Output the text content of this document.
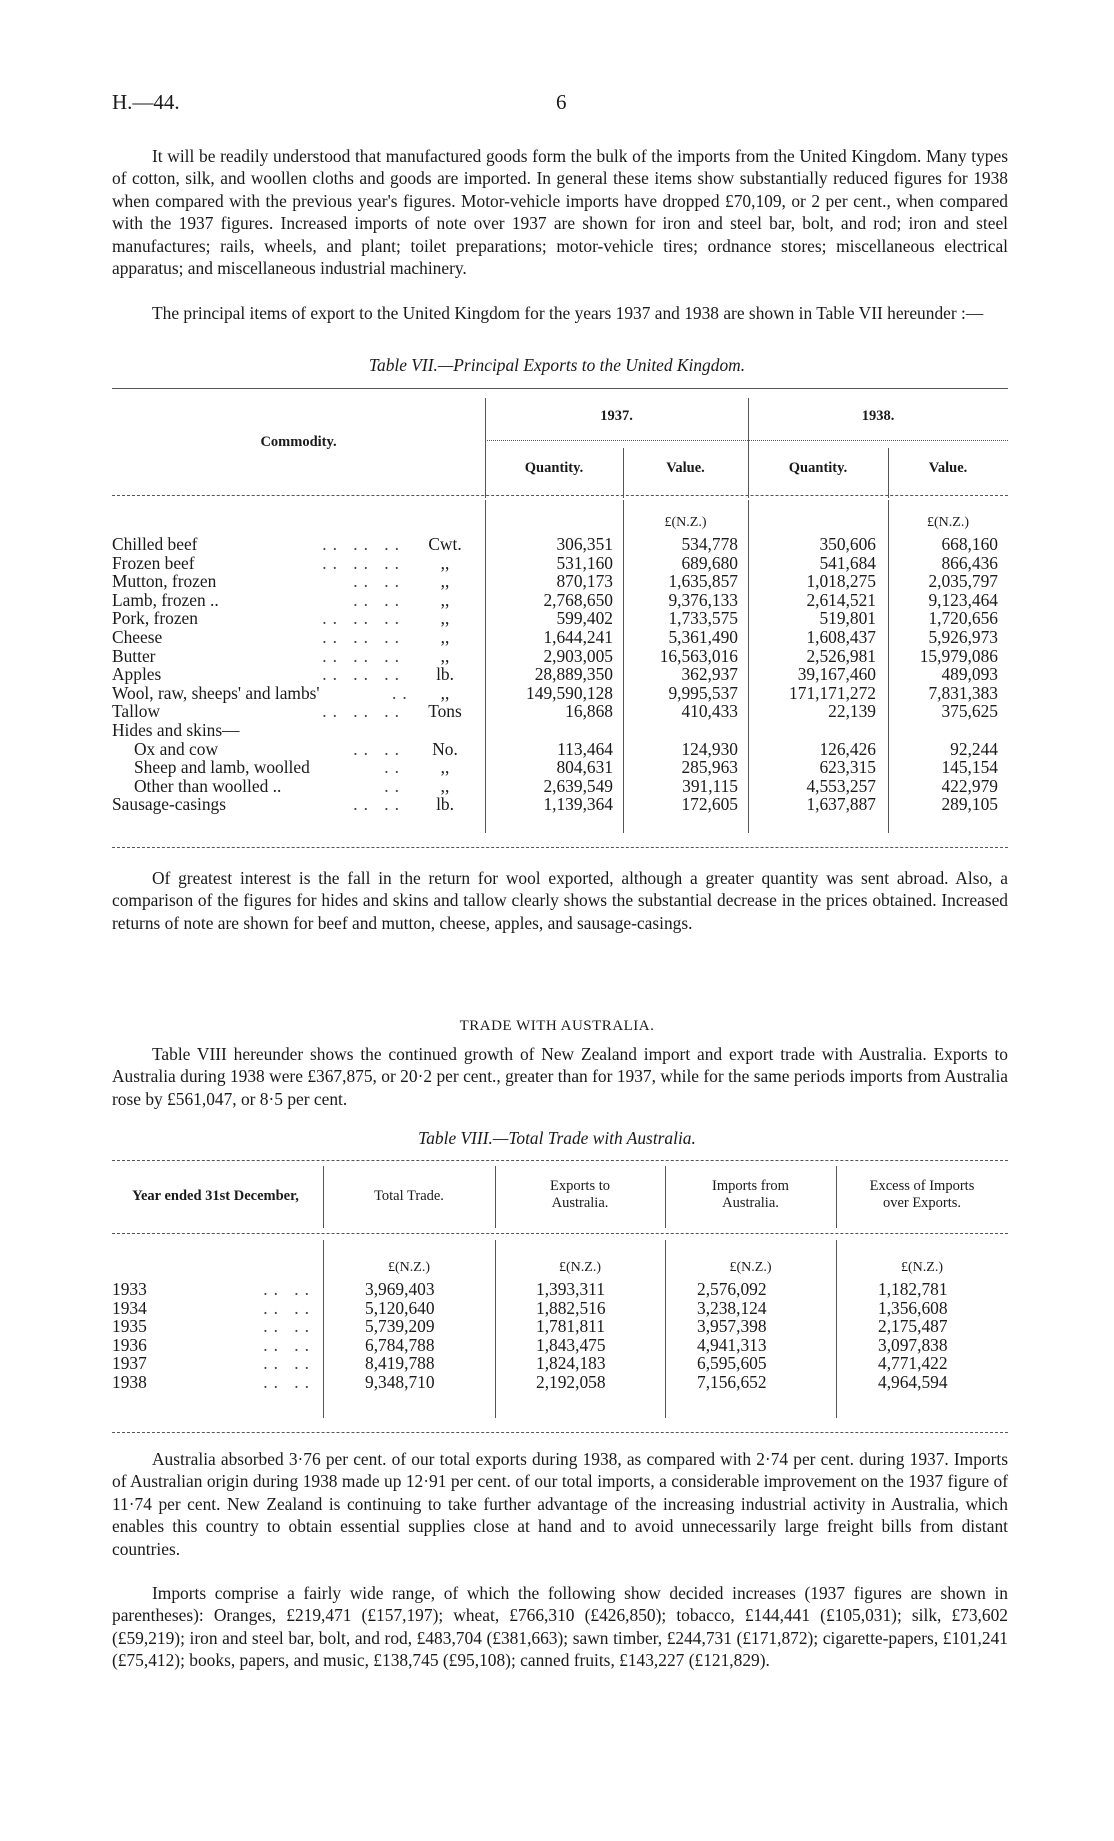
H.—44.	6

It will be readily understood that manufactured goods form the bulk of the imports from the United Kingdom. Many types of cotton, silk, and woollen cloths and goods are imported. In general these items show substantially reduced figures for 1938 when compared with the previous year's figures. Motor-vehicle imports have dropped £70,109, or 2 per cent., when compared with the 1937 figures. Increased imports of note over 1937 are shown for iron and steel bar, bolt, and rod; iron and steel manufactures; rails, wheels, and plant; toilet preparations; motor-vehicle tires; ordnance stores; miscellaneous electrical apparatus; and miscellaneous industrial machinery.

The principal items of export to the United Kingdom for the years 1937 and 1938 are shown in Table VII hereunder :—

Table VII.—Principal Exports to the United Kingdom.
Commodity.
1937.	1938.
Quantity.	Value.	Quantity.	Value.
£(N.Z.)	£(N.Z.)
Chilled beef	.. .. ..	Cwt.	306,351	534,778	350,606	668,160
Frozen beef	.. .. ..	,,	531,160	689,680	541,684	866,436
Mutton, frozen	.. ..	,,	870,173	1,635,857	1,018,275	2,035,797
Lamb, frozen ..	.. ..	,,	2,768,650	9,376,133	2,614,521	9,123,464
Pork, frozen	.. .. ..	,,	599,402	1,733,575	519,801	1,720,656
Cheese	.. .. ..	,,	1,644,241	5,361,490	1,608,437	5,926,973
Butter	.. .. ..	,,	2,903,005	16,563,016	2,526,981	15,979,086
Apples	.. .. ..	lb.	28,889,350	362,937	39,167,460	489,093
Wool, raw, sheeps' and lambs'	..	,,	149,590,128	9,995,537	171,171,272	7,831,383
Tallow	.. .. ..	Tons	16,868	410,433	22,139	375,625
Hides and skins—
Ox and cow	.. ..	No.	113,464	124,930	126,426	92,244
Sheep and lamb, woolled	..	,,	804,631	285,963	623,315	145,154
Other than woolled ..	..	,,	2,639,549	391,115	4,553,257	422,979
Sausage-casings	.. ..	lb.	1,139,364	172,605	1,637,887	289,105

Of greatest interest is the fall in the return for wool exported, although a greater quantity was sent abroad. Also, a comparison of the figures for hides and skins and tallow clearly shows the substantial decrease in the prices obtained. Increased returns of note are shown for beef and mutton, cheese, apples, and sausage-casings.

TRADE WITH AUSTRALIA.

Table VIII hereunder shows the continued growth of New Zealand import and export trade with Australia. Exports to Australia during 1938 were £367,875, or 20·2 per cent., greater than for 1937, while for the same periods imports from Australia rose by £561,047, or 8·5 per cent.

Table VIII.—Total Trade with Australia.
Year ended 31st December,	Total Trade.
Exports to
Australia.
Imports from
Australia.
Excess of Imports
over Exports.
£(N.Z.)	£(N.Z.)	£(N.Z.)	£(N.Z.)
1933	.. ..	3,969,403	1,393,311	2,576,092	1,182,781
1934	.. ..	5,120,640	1,882,516	3,238,124	1,356,608
1935	.. ..	5,739,209	1,781,811	3,957,398	2,175,487
1936	.. ..	6,784,788	1,843,475	4,941,313	3,097,838
1937	.. ..	8,419,788	1,824,183	6,595,605	4,771,422
1938	.. ..	9,348,710	2,192,058	7,156,652	4,964,594

Australia absorbed 3·76 per cent. of our total exports during 1938, as compared with 2·74 per cent. during 1937. Imports of Australian origin during 1938 made up 12·91 per cent. of our total imports, a considerable improvement on the 1937 figure of 11·74 per cent. New Zealand is continuing to take further advantage of the increasing industrial activity in Australia, which enables this country to obtain essential supplies close at hand and to avoid unnecessarily large freight bills from distant countries.

Imports comprise a fairly wide range, of which the following show decided increases (1937 figures are shown in parentheses): Oranges, £219,471 (£157,197); wheat, £766,310 (£426,850); tobacco, £144,441 (£105,031); silk, £73,602 (£59,219); iron and steel bar, bolt, and rod, £483,704 (£381,663); sawn timber, £244,731 (£171,872); cigarette-papers, £101,241 (£75,412); books, papers, and music, £138,745 (£95,108); canned fruits, £143,227 (£121,829).
